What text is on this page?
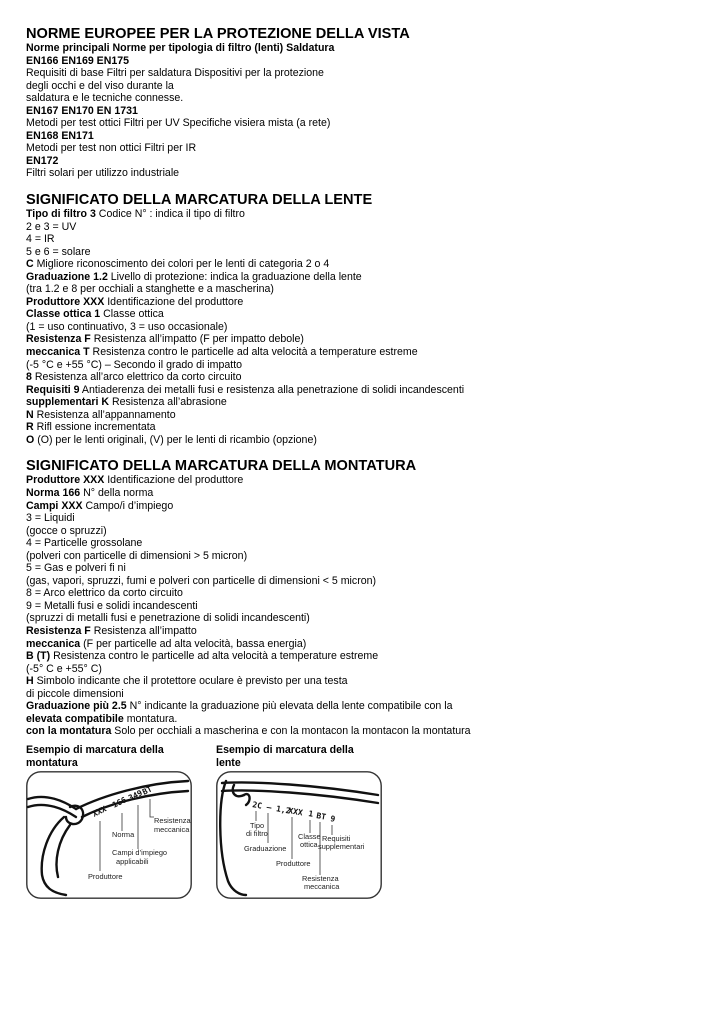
NORME EUROPEE PER LA PROTEZIONE DELLA VISTA
Norme principali Norme per tipologia di filtro (lenti) Saldatura
EN166 EN169 EN175
Requisiti di base Filtri per saldatura Dispositivi per la protezione
degli occhi e del viso durante la
saldatura e le tecniche connesse.
EN167 EN170 EN 1731
Metodi per test ottici Filtri per UV Specifiche visiera mista (a rete)
EN168 EN171
Metodi per test non ottici Filtri per IR
EN172
Filtri solari per utilizzo industriale
SIGNIFICATO DELLA MARCATURA DELLA LENTE
Tipo di filtro 3 Codice N° : indica il tipo di filtro
2 e 3 = UV
4 = IR
5 e 6 = solare
C Migliore riconoscimento dei colori per le lenti di categoria 2 o 4
Graduazione 1.2 Livello di protezione: indica la graduazione della lente
(tra 1.2 e 8 per occhiali a stanghette e a mascherina)
Produttore XXX Identificazione del produttore
Classe ottica 1 Classe ottica
(1 = uso continuativo, 3 = uso occasionale)
Resistenza F Resistenza all’impatto (F per impatto debole)
meccanica T Resistenza contro le particelle ad alta velocità a temperature estreme
(-5 °C e +55 °C) – Secondo il grado di impatto
8 Resistenza all’arco elettrico da corto circuito
Requisiti 9 Antiaderenza dei metalli fusi e resistenza alla penetrazione di solidi incandescenti
supplementari K Resistenza all’abrasione
N Resistenza all’appannamento
R Rifl essione incrementata
O (O) per le lenti originali, (V) per le lenti di ricambio (opzione)
SIGNIFICATO DELLA MARCATURA DELLA MONTATURA
Produttore XXX Identificazione del produttore
Norma 166 N° della norma
Campi XXX Campo/i d’impiego
3 = Liquidi
(gocce o spruzzi)
4 = Particelle grossolane
(polveri con particelle di dimensioni > 5 micron)
5 = Gas e polveri fi ni
(gas, vapori, spruzzi, fumi e polveri con particelle di dimensioni < 5 micron)
8 = Arco elettrico da corto circuito
9 = Metalli fusi e solidi incandescenti
(spruzzi di metalli fusi e penetrazione di solidi incandescenti)
Resistenza F Resistenza all’impatto
meccanica (F per particelle ad alta velocità, bassa energia)
B (T) Resistenza contro le particelle ad alta velocità a temperature estreme
(-5° C e +55° C)
H Simbolo indicante che il protettore oculare è previsto per una testa
di piccole dimensioni
Graduazione più 2.5 N° indicante la graduazione più elevata della lente compatibile con la
elevata compatibile montatura.
con la montatura Solo per occhiali a mascherina e con la montacon la montacon la montatura
Esempio di marcatura della
montatura
XXX
166 349
BT
Norma
Resistenza
meccanica
Campi d’impiego
applicabili
Produttore
Esempio di marcatura della
lente
2C – 1,2
XXX 1 BT 9
Tipo
di filtro
Graduazione
Classe
ottica
Requisiti
supplementari
Produttore
Resistenza
meccanica
